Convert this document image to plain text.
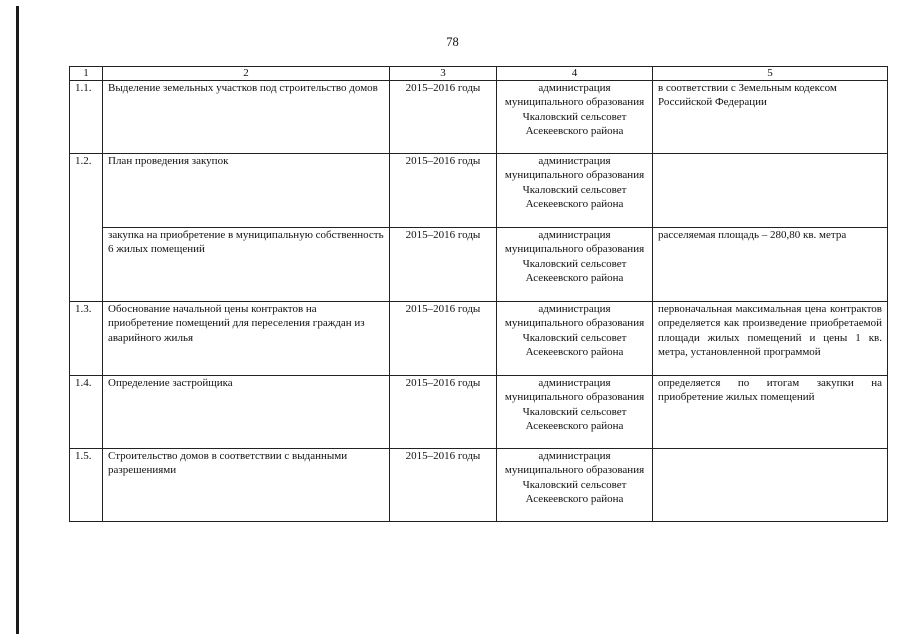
78
1	2	3	4	5
1.1.	Выделение земельных участков под строительство домов	2015–2016 годы	администрация муниципального образования Чкаловский сельсовет Асекеевского района	в соответствии с Земельным кодексом Российской Федерации
1.2.	План проведения закупок	2015–2016 годы	администрация муниципального образования Чкаловский сельсовет Асекеевского района	
	закупка на приобретение в муниципальную собственность 6 жилых помещений	2015–2016 годы	администрация муниципального образования Чкаловский сельсовет Асекеевского района	расселяемая площадь – 280,80 кв. метра
1.3.	Обоснование начальной цены контрактов на приобретение помещений для переселения граждан из аварийного жилья	2015–2016 годы	администрация муниципального образования Чкаловский сельсовет Асекеевского района	первоначальная максимальная цена контрактов определяется как произведение приобретаемой площади жилых помещений и цены 1 кв. метра, установленной программой
1.4.	Определение застройщика	2015–2016 годы	администрация муниципального образования Чкаловский сельсовет Асекеевского района	определяется по итогам закупки на приобретение жилых помещений
1.5.	Строительство домов в соответствии с выданными разрешениями	2015–2016 годы	администрация муниципального образования Чкаловский сельсовет Асекеевского района	
